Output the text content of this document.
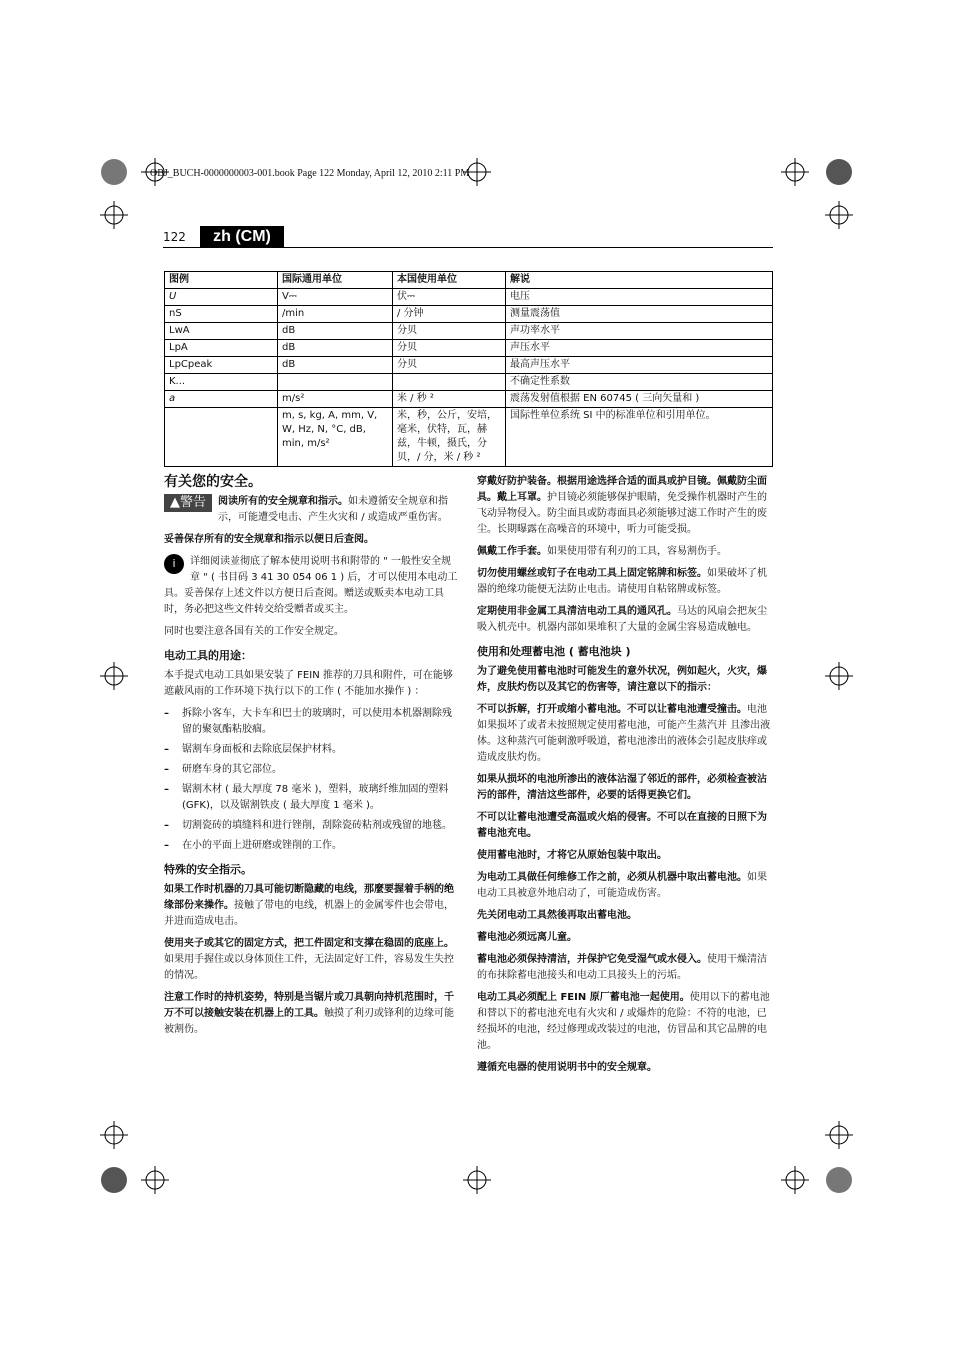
OBJ_BUCH-0000000003-001.book Page 122 Monday, April 12, 2010 2:11 PM
122	zh (CM)
图例	国际通用单位	本国使用单位	解说
U	V⎓	伏⎓	电压
nS	/min	/ 分钟	测量震荡值
LwA	dB	分贝	声功率水平
LpA	dB	分贝	声压水平
LpCpeak	dB	分贝	最高声压水平
K...			不确定性系数
a	m/s²	米 / 秒 ²	震荡发射值根据 EN 60745 ( 三向矢量和 )
	m, s, kg, A, mm, V, W, Hz, N, °C, dB, min, m/s²	米，秒，公斤，安培，毫米，伏特，瓦，赫兹，牛顿，摄氏，分贝，/ 分，米 / 秒 ²	国际性单位系统 SI 中的标准单位和引用单位。
有关您的安全。

▲警告	阅读所有的安全规章和指示。如未遵循安全规章和指示，可能遭受电击、产生火灾和 / 或造成严重伤害。

妥善保存所有的安全规章和指示以便日后查阅。

i	详细阅读並彻底了解本使用说明书和附带的 " 一般性安全规章 " ( 书目码 3 41 30 054 06 1 ) 后，才可以使用本电动工具。妥善保存上述文件以方便日后查阅。赠送或贩卖本电动工具时，务必把这些文件转交给受赠者或买主。

同时也要注意各国有关的工作安全规定。

电动工具的用途：

本手提式电动工具如果安装了 FEIN 推荐的刀具和附件，可在能够遮蔽风雨的工作环境下执行以下的工作 ( 不能加水操作 ) ：

– 拆除小客车，大卡车和巴士的玻璃时，可以使用本机器割除残留的聚氨酯粘胶痼。
– 锯割车身面板和去除底层保护材料。
– 研磨车身的其它部位。
– 锯割木材 ( 最大厚度 78 毫米 )，塑料，玻璃纤维加固的塑料 (GFK)，以及锯割铁皮 ( 最大厚度 1 毫米 )。
– 切割瓷砖的填缝料和进行锉削，刮除瓷砖粘剂或残留的地毯。
– 在小的平面上进研磨或锉削的工作。
特殊的安全指示。

如果工作时机器的刀具可能切断隐藏的电线，那麼要握着手柄的绝缘部份来操作。接触了带电的电线，机器上的金属零件也会带电，并进而造成电击。

使用夹子或其它的固定方式，把工件固定和支撑在稳固的底座上。如果用手握住或以身体顶住工件，无法固定好工件，容易发生失控的情况。

注意工作时的持机姿势，特别是当锯片或刀具朝向持机范围时，千万不可以接触安装在机器上的工具。触摸了利刃或锋利的边缘可能被割伤。

穿戴好防护装备。根据用途选择合适的面具或护目镜。佩戴防尘面具。戴上耳罩。护目镜必须能够保护眼睛，免受操作机器时产生的飞动异物侵入。防尘面具或防毒面具必须能够过滤工作时产生的废尘。长期曝露在高噪音的环境中，听力可能受损。

佩戴工作手套。如果使用带有利刃的工具，容易割伤手。

切勿使用螺丝或钉子在电动工具上固定铭牌和标签。如果破坏了机器的绝缘功能便无法防止电击。请使用自粘铭牌或标签。

定期使用非金属工具清洁电动工具的通风孔。马达的风扇会把灰尘吸入机壳中。机器内部如果堆积了大量的金属尘容易造成触电。

使用和处理蓄电池 ( 蓄电池块 )

为了避免使用蓄电池时可能发生的意外状况，例如起火，火灾，爆炸，皮肤灼伤以及其它的伤害等，请注意以下的指示：

不可以拆解，打开或缩小蓄电池。不可以让蓄电池遭受撞击。电池如果损坏了或者未按照规定使用蓄电池，可能产生蒸汽并 且渗出液体。这种蒸汽可能刺激呼吸道，蓄电池渗出的液体会引起皮肤痒或造成皮肤灼伤。

如果从损坏的电池所渗出的液体沾湿了邻近的部件，必须检查被沾污的部件，清洁这些部件，必要的话得更换它们。

不可以让蓄电池遭受高温或火焰的侵害。不可以在直接的日照下为蓄电池充电。

使用蓄电池时，才将它从原始包装中取出。

为电动工具做任何维修工作之前，必须从机器中取出蓄电池。如果电动工具被意外地启动了，可能造成伤害。

先关闭电动工具然後再取出蓄电池。

蓄电池必须远离儿童。

蓄电池必须保持清洁，并保护它免受湿气或水侵入。使用干燥清洁的布抹除蓄电池接头和电动工具接头上的污垢。

电动工具必须配上 FEIN 原厂蓄电池一起使用。使用以下的蓄电池和替以下的蓄电池充电有火灾和 / 或爆炸的危险：不符的电池，已经损坏的电池，经过修理或改装过的电池，仿冒品和其它品牌的电池。

遵循充电器的使用说明书中的安全规章。
